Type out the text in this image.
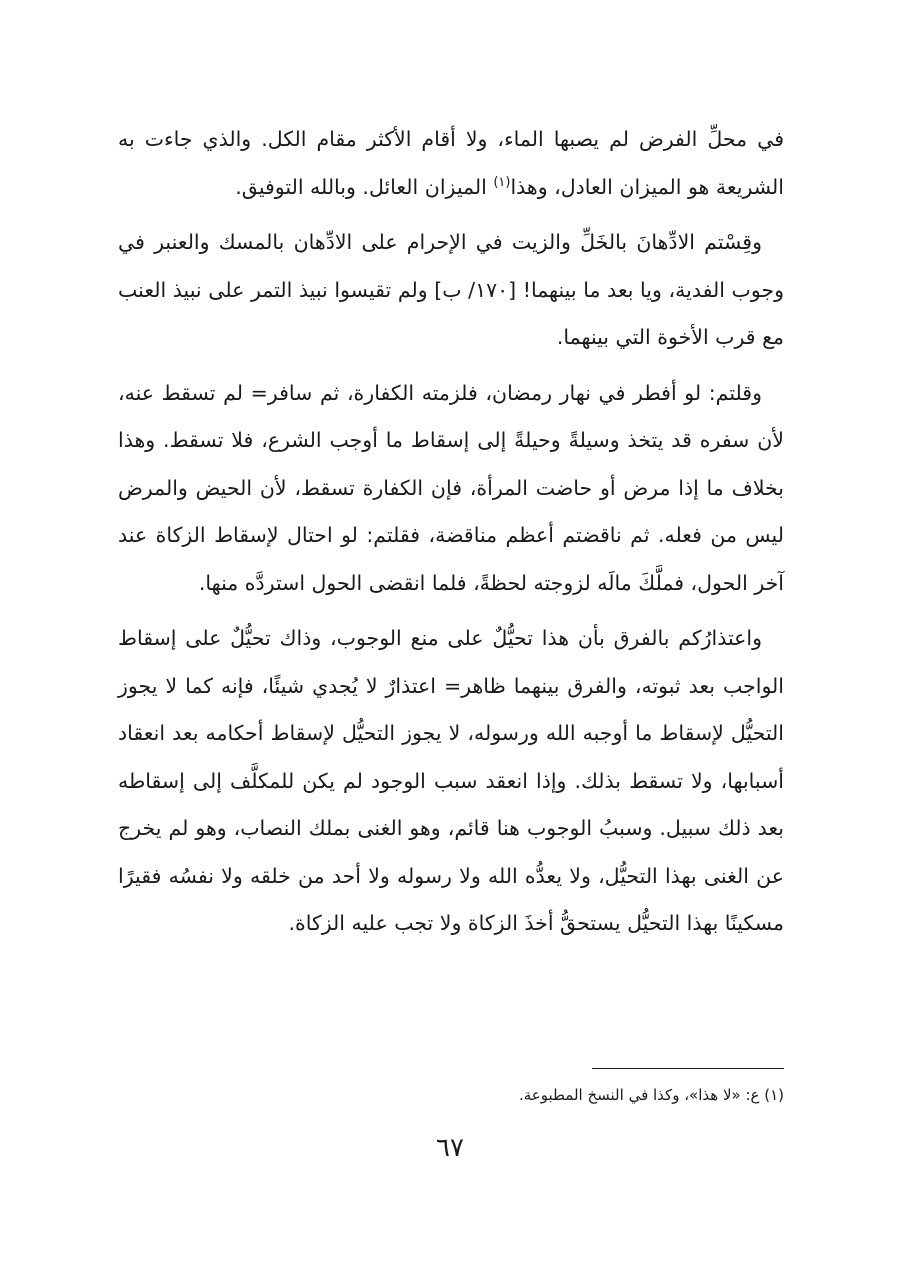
في محلِّ الفرض لم يصبها الماء، ولا أقام الأكثر مقام الكل. والذي جاءت به الشريعة هو الميزان العادل، وهذا$^{(١)}$ الميزان العائل. وبالله التوفيق.

وقِسْتم الادِّهانَ بالخَلِّ والزيت في الإحرام على الادِّهان بالمسك والعنبر في وجوب الفدية، ويا بعد ما بينهما! [١٧٠/ ب] ولم تقيسوا نبيذ التمر على نبيذ العنب مع قرب الأخوة التي بينهما.

وقلتم: لو أفطر في نهار رمضان، فلزمته الكفارة، ثم سافر= لم تسقط عنه، لأن سفره قد يتخذ وسيلةً وحيلةً إلى إسقاط ما أوجب الشرع، فلا تسقط. وهذا بخلاف ما إذا مرض أو حاضت المرأة، فإن الكفارة تسقط، لأن الحيض والمرض ليس من فعله. ثم ناقضتم أعظم مناقضة، فقلتم: لو احتال لإسقاط الزكاة عند آخر الحول، فملَّكَ مالَه لزوجته لحظةً، فلما انقضى الحول استردَّه منها.

واعتذارُكم بالفرق بأن هذا تحيُّلٌ على منع الوجوب، وذاك تحيُّلٌ على إسقاط الواجب بعد ثبوته، والفرق بينهما ظاهر= اعتذارٌ لا يُجدي شيئًا، فإنه كما لا يجوز التحيُّل لإسقاط ما أوجبه الله ورسوله، لا يجوز التحيُّل لإسقاط أحكامه بعد انعقاد أسبابها، ولا تسقط بذلك. وإذا انعقد سبب الوجود لم يكن للمكلَّف إلى إسقاطه بعد ذلك سبيل. وسببُ الوجوب هنا قائم، وهو الغنى بملك النصاب، وهو لم يخرج عن الغنى بهذا التحيُّل، ولا يعدُّه الله ولا رسوله ولا أحد من خلقه ولا نفسُه فقيرًا مسكينًا بهذا التحيُّل يستحقُّ أخذَ الزكاة ولا تجب عليه الزكاة.

(١) ع: «لا هذا»، وكذا في النسخ المطبوعة.
٦٧
